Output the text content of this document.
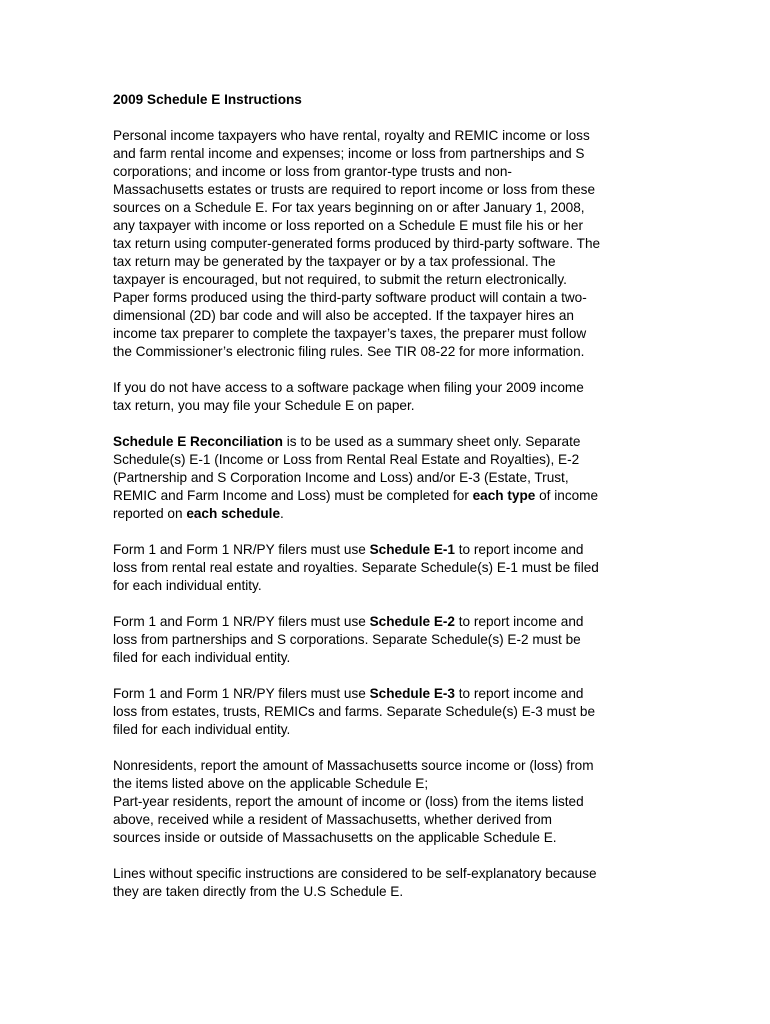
2009 Schedule E Instructions
Personal income taxpayers who have rental, royalty and REMIC income or loss
and farm rental income and expenses; income or loss from partnerships and S
corporations; and income or loss from grantor-type trusts and non-
Massachusetts estates or trusts are required to report income or loss from these
sources on a Schedule E. For tax years beginning on or after January 1, 2008,
any taxpayer with income or loss reported on a Schedule E must file his or her
tax return using computer-generated forms produced by third-party software. The
tax return may be generated by the taxpayer or by a tax professional. The
taxpayer is encouraged, but not required, to submit the return electronically.
Paper forms produced using the third-party software product will contain a two-
dimensional (2D) bar code and will also be accepted. If the taxpayer hires an
income tax preparer to complete the taxpayer’s taxes, the preparer must follow
the Commissioner’s electronic filing rules. See TIR 08-22 for more information.
If you do not have access to a software package when filing your 2009 income
tax return, you may file your Schedule E on paper.
Schedule E Reconciliation is to be used as a summary sheet only. Separate
Schedule(s) E-1 (Income or Loss from Rental Real Estate and Royalties), E-2
(Partnership and S Corporation Income and Loss) and/or E-3 (Estate, Trust,
REMIC and Farm Income and Loss) must be completed for each type of income
reported on each schedule.
Form 1 and Form 1 NR/PY filers must use Schedule E-1 to report income and
loss from rental real estate and royalties. Separate Schedule(s) E-1 must be filed
for each individual entity.
Form 1 and Form 1 NR/PY filers must use Schedule E-2 to report income and
loss from partnerships and S corporations. Separate Schedule(s) E-2 must be
filed for each individual entity.
Form 1 and Form 1 NR/PY filers must use Schedule E-3 to report income and
loss from estates, trusts, REMICs and farms. Separate Schedule(s) E-3 must be
filed for each individual entity.
Nonresidents, report the amount of Massachusetts source income or (loss) from
the items listed above on the applicable Schedule E;
Part-year residents, report the amount of income or (loss) from the items listed
above, received while a resident of Massachusetts, whether derived from
sources inside or outside of Massachusetts on the applicable Schedule E.
Lines without specific instructions are considered to be self-explanatory because
they are taken directly from the U.S Schedule E.
